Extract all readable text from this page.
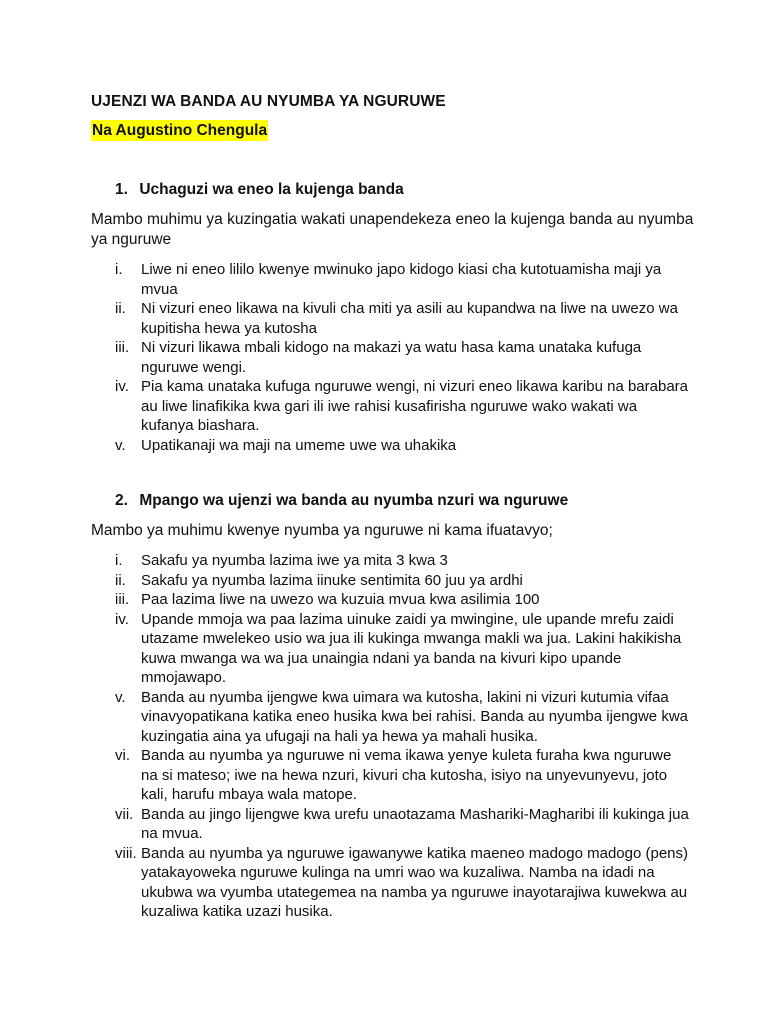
UJENZI WA BANDA AU NYUMBA YA NGURUWE
Na Augustino Chengula
1. Uchaguzi wa eneo la kujenga banda
Mambo muhimu ya kuzingatia wakati unapendekeza eneo la kujenga banda au nyumba ya nguruwe
i.	Liwe ni eneo lililo kwenye mwinuko japo kidogo kiasi cha kutotuamisha maji ya mvua
ii.	Ni vizuri eneo likawa na kivuli cha miti ya asili au kupandwa na liwe na uwezo wa kupitisha hewa ya kutosha
iii. Ni vizuri likawa mbali kidogo na makazi ya watu hasa kama unataka kufuga nguruwe wengi.
iv. Pia kama unataka kufuga nguruwe wengi, ni vizuri eneo likawa karibu na barabara au liwe linafikika kwa gari ili iwe rahisi kusafirisha nguruwe wako wakati wa kufanya biashara.
v.	Upatikanaji wa maji na umeme uwe wa uhakika
2. Mpango wa ujenzi wa banda au nyumba nzuri wa nguruwe
Mambo ya muhimu kwenye nyumba ya nguruwe ni kama ifuatavyo;
i.	Sakafu ya nyumba lazima iwe ya mita 3 kwa 3
ii.	Sakafu ya nyumba lazima iinuke sentimita 60 juu ya ardhi
iii. Paa lazima liwe na uwezo wa kuzuia mvua kwa asilimia 100
iv. Upande mmoja wa paa lazima uinuke zaidi ya mwingine, ule upande mrefu zaidi utazame mwelekeo usio wa jua ili kukinga mwanga makli wa jua. Lakini hakikisha kuwa mwanga wa wa jua unaingia ndani ya banda na kivuri kipo upande mmojawapo.
v.	Banda au nyumba ijengwe kwa uimara wa kutosha, lakini ni vizuri kutumia vifaa vinavyopatikana katika eneo husika kwa bei rahisi. Banda au nyumba ijengwe kwa kuzingatia aina ya ufugaji na hali ya hewa ya mahali husika.
vi. Banda au nyumba ya nguruwe ni vema ikawa yenye kuleta furaha kwa nguruwe na si mateso; iwe na hewa nzuri, kivuri cha kutosha, isiyo na unyevunyevu, joto kali, harufu mbaya wala matope.
vii. Banda au jingo lijengwe kwa urefu unaotazama Mashariki-Magharibi ili kukinga jua na mvua.
viii. Banda au nyumba ya nguruwe igawanywe katika maeneo madogo madogo (pens) yatakayoweka nguruwe kulinga na umri wao wa kuzaliwa. Namba na idadi na ukubwa wa vyumba utategemea na namba ya nguruwe inayotarajiwa kuwekwa au kuzaliwa katika uzazi husika.
